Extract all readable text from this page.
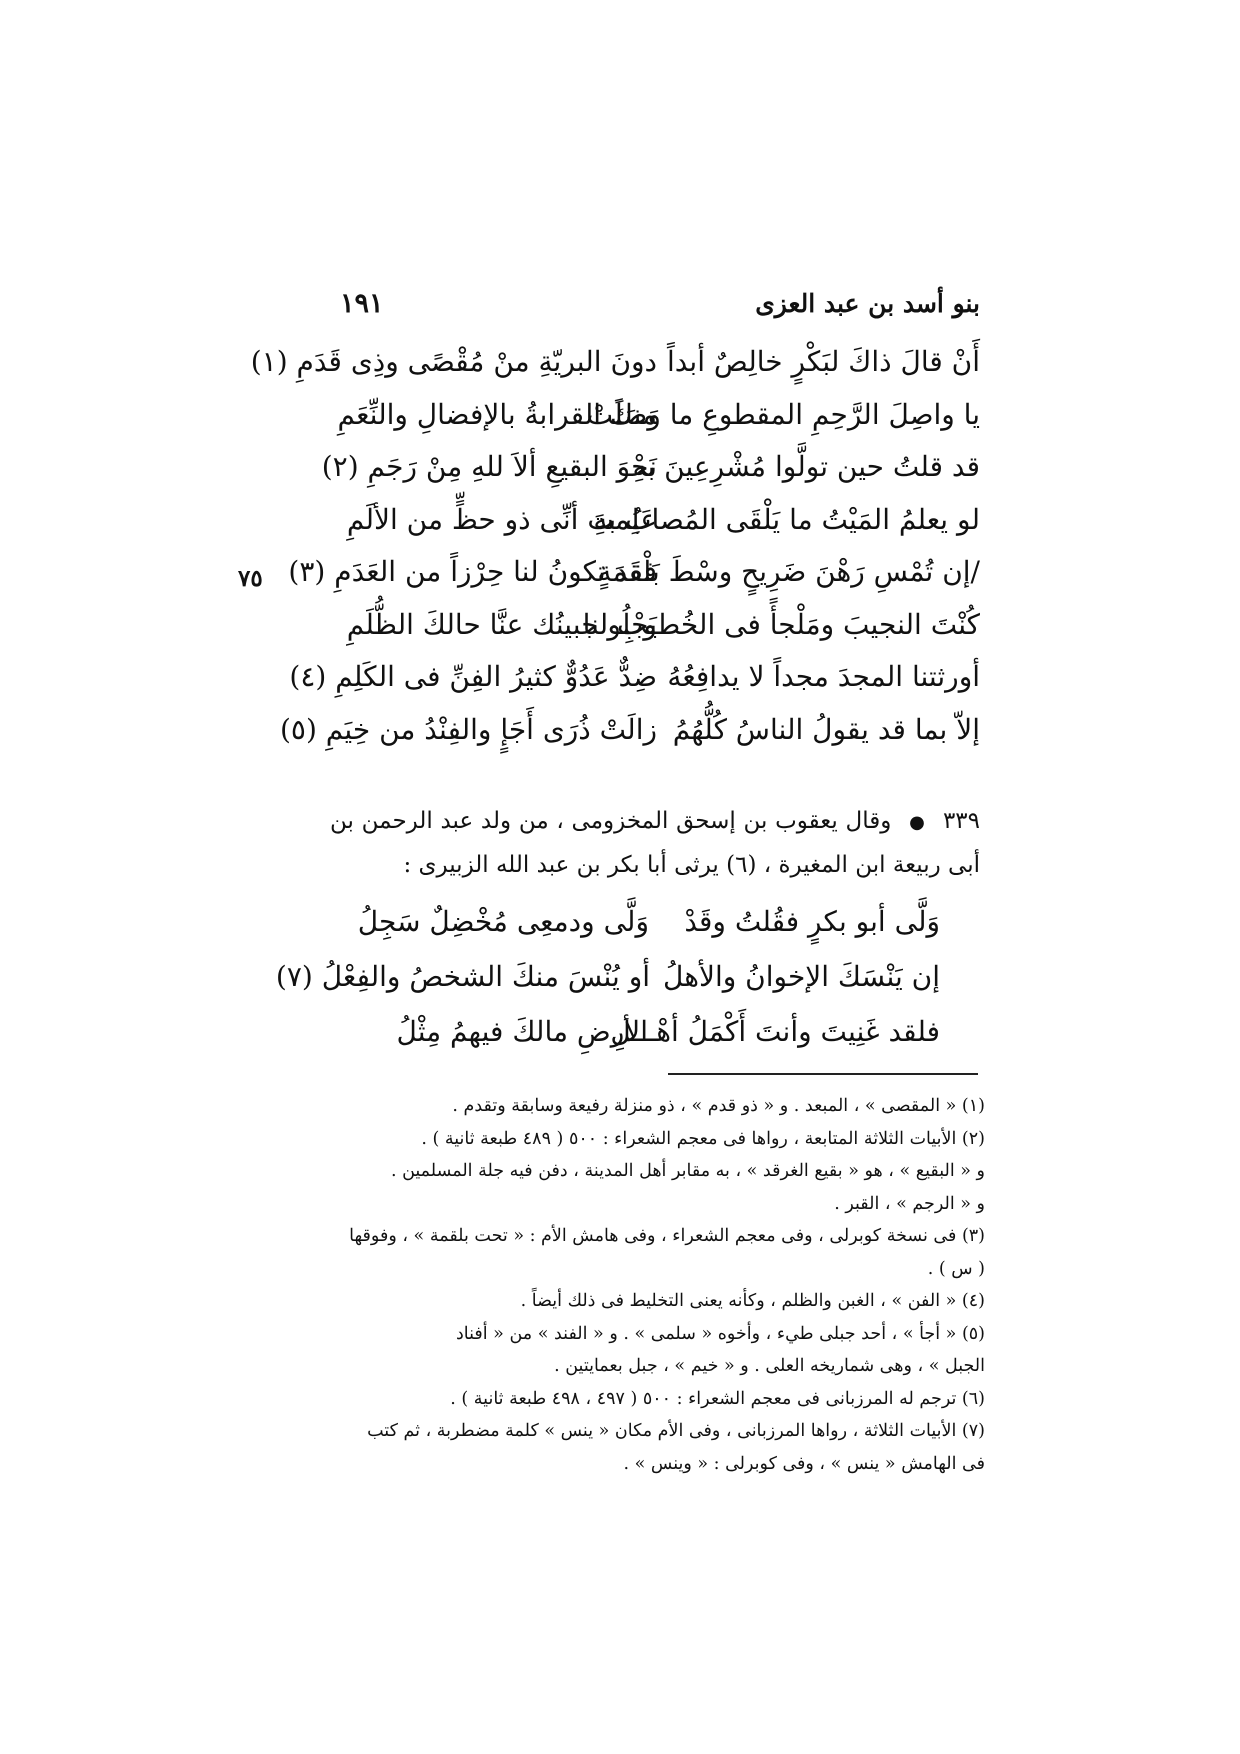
بنو أسد بن عبد العزى
١٩١
أَنْ قالَ ذاكَ لبَكْرٍ خالِصٌ أبداً
دونَ البريّةِ منْ مُقْصًى وذِى قَدَمِ (١)
يا واصِلَ الرَّحِمِ المقطوعِ ما وَصَلَتْ
منكَ القرابةُ بالإفضالِ والنِّعَمِ
قد قلتُ حين تولَّوا مُشْرِعِينَ بهِ
نَحْوَ البقيعِ ألاَ للهِ مِنْ رَجَمِ (٢)
لو يعلمُ المَيْتُ ما يَلْقَى المُصابُ بهِ
عَلِمتَ أنِّى ذو حظٍّ من الألَمِ
/إن تُمْسِ رَهْنَ ضَرِيحٍ وسْطَ بَلْقَمَةٍ
فقد تكونُ لنا حِرْزاً من العَدَمِ (٣)
كُنْتَ النجيبَ ومَلْجأً فى الخُطوبِ لنا
يَجْلُو جبينُك عنَّا حالكَ الظُّلَمِ
أورثتنا المجدَ مجداً لا يدافِعُهُ
ضِدٌّ عَدُوٌّ كثيرُ الفِنِّ فى الكَلِمِ (٤)
إلاّ بما قد يقولُ الناسُ كُلُّهُمُ
زالَتْ ذُرَى أَجَإٍ والفِنْدُ من خِيَمِ (٥)
٧٥
٣٣٩ ● وقال يعقوب بن إسحق المخزومى ، من ولد عبد الرحمن بن أبى ربيعة ابن المغيرة ، (٦) يرثى أبا بكر بن عبد الله الزبيرى :
وَلَّى أبو بكرٍ فقُلتُ وقَدْ
وَلَّى ودمعِى مُخْضِلٌ سَجِلُ
إن يَنْسَكَ الإخوانُ والأهلُ
أو يُنْسَ منكَ الشخصُ والفِعْلُ (٧)
فلقد غَنِيتَ وأنتَ أَكْمَلُ أهْـــلِ
الأرضِ مالكَ فيهمُ مِثْلُ

(١) « المقصى » ، المبعد . و « ذو قدم » ، ذو منزلة رفيعة وسابقة وتقدم .

(٢) الأبيات الثلاثة المتابعة ، رواها فى معجم الشعراء : ٥٠٠ ( ٤٨٩ طبعة ثانية ) .
و « البقيع » ، هو « بقيع الغرقد » ، به مقابر أهل المدينة ، دفن فيه جلة المسلمين .
و « الرجم » ، القبر .

(٣) فى نسخة كوبرلى ، وفى معجم الشعراء ، وفى هامش الأم : « تحت بلقمة » ، وفوقها
( س ) .

(٤) « الفن » ، الغبن والظلم ، وكأنه يعنى التخليط فى ذلك أيضاً .

(٥) « أجأ » ، أحد جبلى طيء ، وأخوه « سلمى » . و « الفند » من « أفناد
الجبل » ، وهى شماريخه العلى . و « خيم » ، جبل بعمايتين .

(٦) ترجم له المرزبانى فى معجم الشعراء : ٥٠٠ ( ٤٩٧ ، ٤٩٨ طبعة ثانية ) .

(٧) الأبيات الثلاثة ، رواها المرزبانى ، وفى الأم مكان « ينس » كلمة مضطربة ، ثم كتب
فى الهامش « ينس » ، وفى كوبرلى : « وينس » .
